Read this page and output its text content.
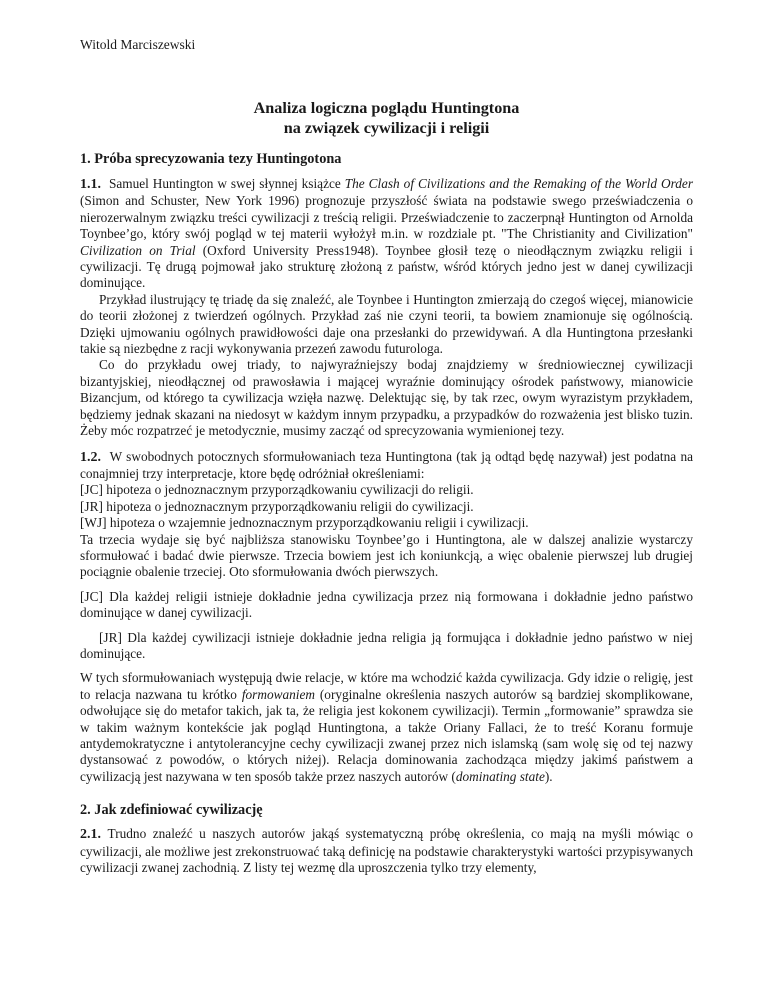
Witold Marciszewski
Analiza logiczna poglądu Huntingtona
na związek cywilizacji i religii
1. Próba sprecyzowania tezy Huntingotona

1.1. Samuel Huntington w swej słynnej książce The Clash of Civilizations and the Remaking of the World Order (Simon and Schuster, New York 1996) prognozuje przyszłość świata na podstawie swego przeświadczenia o nierozerwalnym związku treści cywilizacji z treścią religii. Przeświadczenie to zaczerpnął Huntington od Arnolda Toynbee’go, który swój pogląd w tej materii wyłożył m.in. w rozdziale pt. "The Christianity and Civilization" Civilization on Trial (Oxford University Press1948). Toynbee głosił tezę o nieodłącznym związku religii i cywilizacji. Tę drugą pojmował jako strukturę złożoną z państw, wśród których jedno jest w danej cywilizacji dominujące.

Przykład ilustrujący tę triadę da się znaleźć, ale Toynbee i Huntington zmierzają do czegoś więcej, mianowicie do teorii złożonej z twierdzeń ogólnych. Przykład zaś nie czyni teorii, ta bowiem znamionuje się ogólnością. Dzięki ujmowaniu ogólnych prawidłowości daje ona przesłanki do przewidywań. A dla Huntingtona przesłanki takie są niezbędne z racji wykonywania przezeń zawodu futurologa.

Co do przykładu owej triady, to najwyraźniejszy bodaj znajdziemy w średniowiecznej cywilizacji bizantyjskiej, nieodłącznej od prawosławia i mającej wyraźnie dominujący ośrodek państwowy, mianowicie Bizancjum, od którego ta cywilizacja wzięła nazwę. Delektując się, by tak rzec, owym wyrazistym przykładem, będziemy jednak skazani na niedosyt w każdym innym przypadku, a przypadków do rozważenia jest blisko tuzin. Żeby móc rozpatrzeć je metodycznie, musimy zacząć od sprecyzowania wymienionej tezy.

1.2. W swobodnych potocznych sformułowaniach teza Huntingtona (tak ją odtąd będę nazywał) jest podatna na conajmniej trzy interpretacje, ktore będę odróżniał określeniami:

[JC] hipoteza o jednoznacznym przyporządkowaniu cywilizacji do religii.
[JR] hipoteza o jednoznacznym przyporządkowaniu religii do cywilizacji.
[WJ] hipoteza o wzajemnie jednoznacznym przyporządkowaniu religii i cywilizacji.

Ta trzecia wydaje się być najbliższa stanowisku Toynbee’go i Huntingtona, ale w dalszej analizie wystarczy sformułować i badać dwie pierwsze. Trzecia bowiem jest ich koniunkcją, a więc obalenie pierwszej lub drugiej pociągnie obalenie trzeciej. Oto sformułowania dwóch pierwszych.

[JC] Dla każdej religii istnieje dokładnie jedna cywilizacja przez nią formowana i dokładnie jedno państwo dominujące w danej cywilizacji.

[JR] Dla każdej cywilizacji istnieje dokładnie jedna religia ją formująca i dokładnie jedno państwo w niej dominujące.

W tych sformułowaniach występują dwie relacje, w które ma wchodzić każda cywilizacja. Gdy idzie o religię, jest to relacja nazwana tu krótko formowaniem (oryginalne określenia naszych autorów są bardziej skomplikowane, odwołujące się do metafor takich, jak ta, że religia jest kokonem cywilizacji). Termin „formowanie” sprawdza sie w takim ważnym kontekście jak pogląd Huntingtona, a także Oriany Fallaci, że to treść Koranu formuje antydemokratyczne i antytolerancyjne cechy cywilizacji zwanej przez nich islamską (sam wolę się od tej nazwy dystansować z powodów, o których niżej). Relacja dominowania zachodząca między jakimś państwem a cywilizacją jest nazywana w ten sposób także przez naszych autorów (dominating state).

2. Jak zdefiniować cywilizację

2.1. Trudno znaleźć u naszych autorów jakąś systematyczną próbę określenia, co mają na myśli mówiąc o cywilizacji, ale możliwe jest zrekonstruować taką definicję na podstawie charakterystyki wartości przypisywanych cywilizacji zwanej zachodnią. Z listy tej wezmę dla uproszczenia tylko trzy elementy,
